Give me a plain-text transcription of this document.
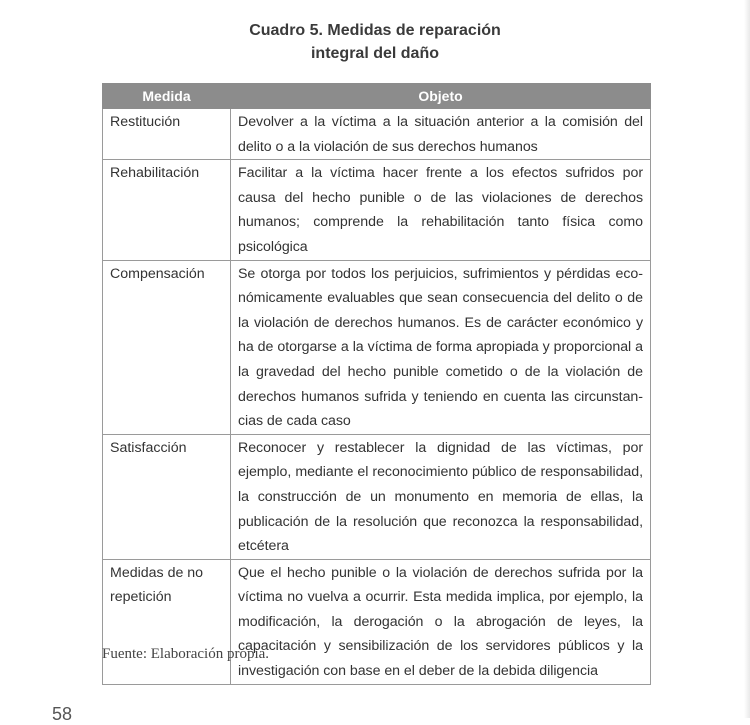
Cuadro 5. Medidas de reparación
integral del daño
Medida	Objeto
Restitución	Devolver a la víctima a la situación anterior a la comisión del delito o a la violación de sus derechos humanos
Rehabilitación	Facilitar a la víctima hacer frente a los efectos sufridos por causa del hecho punible o de las violaciones de derechos humanos; comprende la rehabilitación tanto física como psicológica
Compensación	Se otorga por todos los perjuicios, sufrimientos y pérdidas económicamente evaluables que sean consecuencia del delito o de la violación de derechos humanos. Es de carácter económico y ha de otorgarse a la víctima de forma apropiada y proporcional a la gravedad del hecho punible cometido o de la violación de derechos humanos sufrida y teniendo en cuenta las circunstancias de cada caso
Satisfacción	Reconocer y restablecer la dignidad de las víctimas, por ejemplo, mediante el reconocimiento público de responsabilidad, la construcción de un monumento en memoria de ellas, la publicación de la resolución que reconozca la responsabilidad, etcétera
Medidas de no repetición	Que el hecho punible o la violación de derechos sufrida por la víctima no vuelva a ocurrir. Esta medida implica, por ejemplo, la modificación, la derogación o la abrogación de leyes, la capacitación y sensibilización de los servidores públicos y la investigación con base en el deber de la debida diligencia
Fuente: Elaboración propia.
58
